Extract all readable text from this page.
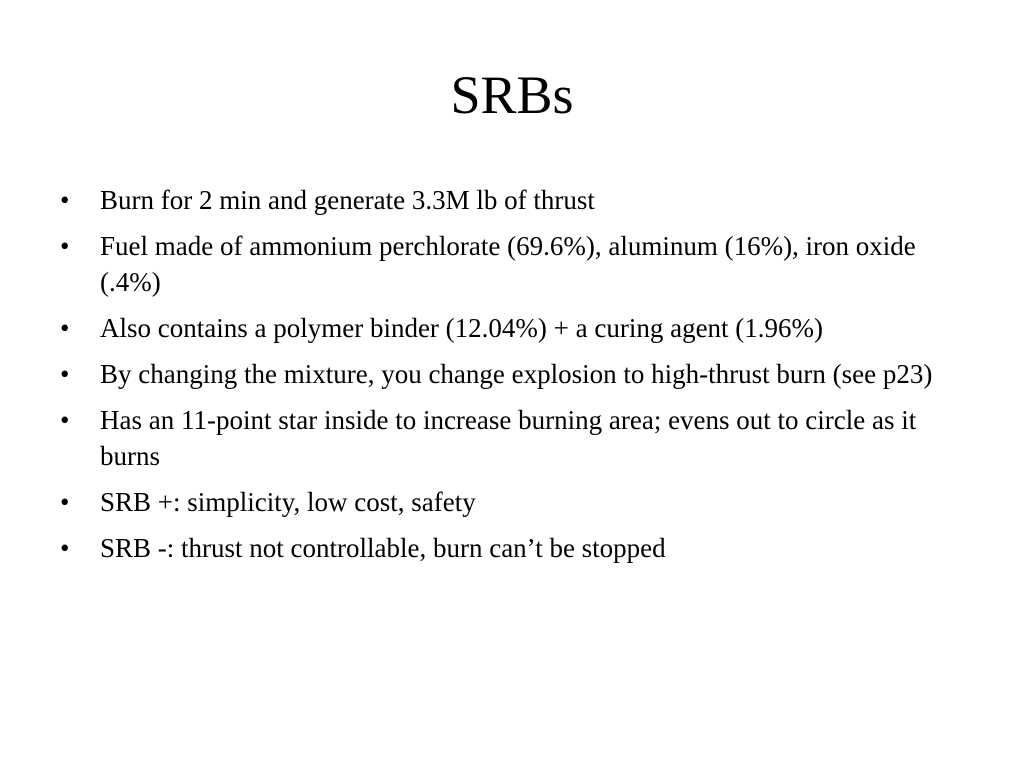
SRBs
•	Burn for 2 min and generate 3.3M lb of thrust
•	Fuel made of ammonium perchlorate (69.6%), aluminum (16%), iron oxide (.4%)
•	Also contains a polymer binder (12.04%) + a curing agent (1.96%)
•	By changing the mixture, you change explosion to high-thrust burn (see p23)
•	Has an 11-point star inside to increase burning area; evens out to circle as it burns
•	SRB +: simplicity, low cost, safety
•	SRB -: thrust not controllable, burn can’t be stopped
